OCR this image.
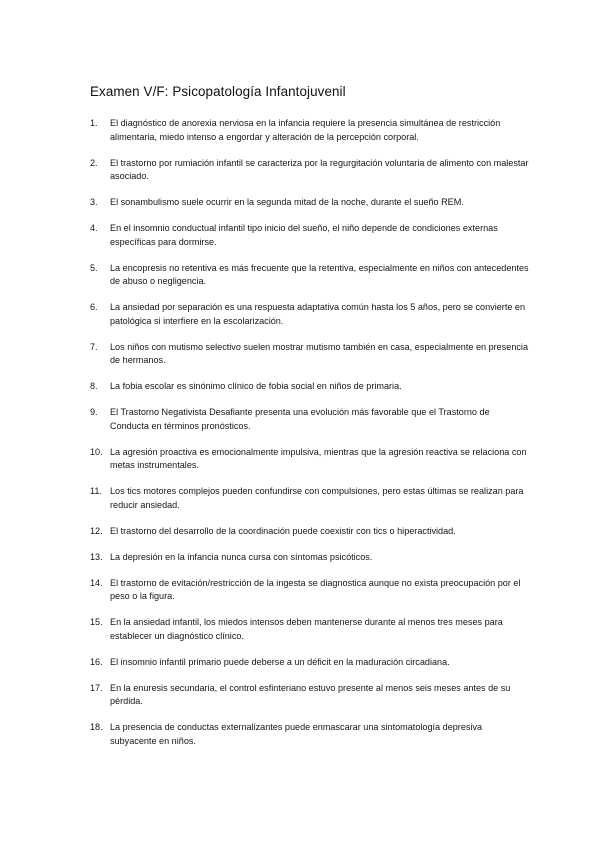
Examen V/F: Psicopatología Infantojuvenil
1. El diagnóstico de anorexia nerviosa en la infancia requiere la presencia simultánea de restricción alimentaria, miedo intenso a engordar y alteración de la percepción corporal.
2. El trastorno por rumiación infantil se caracteriza por la regurgitación voluntaria de alimento con malestar asociado.
3. El sonambulismo suele ocurrir en la segunda mitad de la noche, durante el sueño REM.
4. En el insomnio conductual infantil tipo inicio del sueño, el niño depende de condiciones externas específicas para dormirse.
5. La encopresis no retentiva es más frecuente que la retentiva, especialmente en niños con antecedentes de abuso o negligencia.
6. La ansiedad por separación es una respuesta adaptativa común hasta los 5 años, pero se convierte en patológica si interfiere en la escolarización.
7. Los niños con mutismo selectivo suelen mostrar mutismo también en casa, especialmente en presencia de hermanos.
8. La fobia escolar es sinónimo clínico de fobia social en niños de primaria.
9. El Trastorno Negativista Desafiante presenta una evolución más favorable que el Trastorno de Conducta en términos pronósticos.
10. La agresión proactiva es emocionalmente impulsiva, mientras que la agresión reactiva se relaciona con metas instrumentales.
11. Los tics motores complejos pueden confundirse con compulsiones, pero estas últimas se realizan para reducir ansiedad.
12. El trastorno del desarrollo de la coordinación puede coexistir con tics o hiperactividad.
13. La depresión en la infancia nunca cursa con síntomas psicóticos.
14. El trastorno de evitación/restricción de la ingesta se diagnostica aunque no exista preocupación por el peso o la figura.
15. En la ansiedad infantil, los miedos intensos deben mantenerse durante al menos tres meses para establecer un diagnóstico clínico.
16. El insomnio infantil primario puede deberse a un déficit en la maduración circadiana.
17. En la enuresis secundaria, el control esfinteriano estuvo presente al menos seis meses antes de su pérdida.
18. La presencia de conductas externalizantes puede enmascarar una sintomatología depresiva subyacente en niños.
